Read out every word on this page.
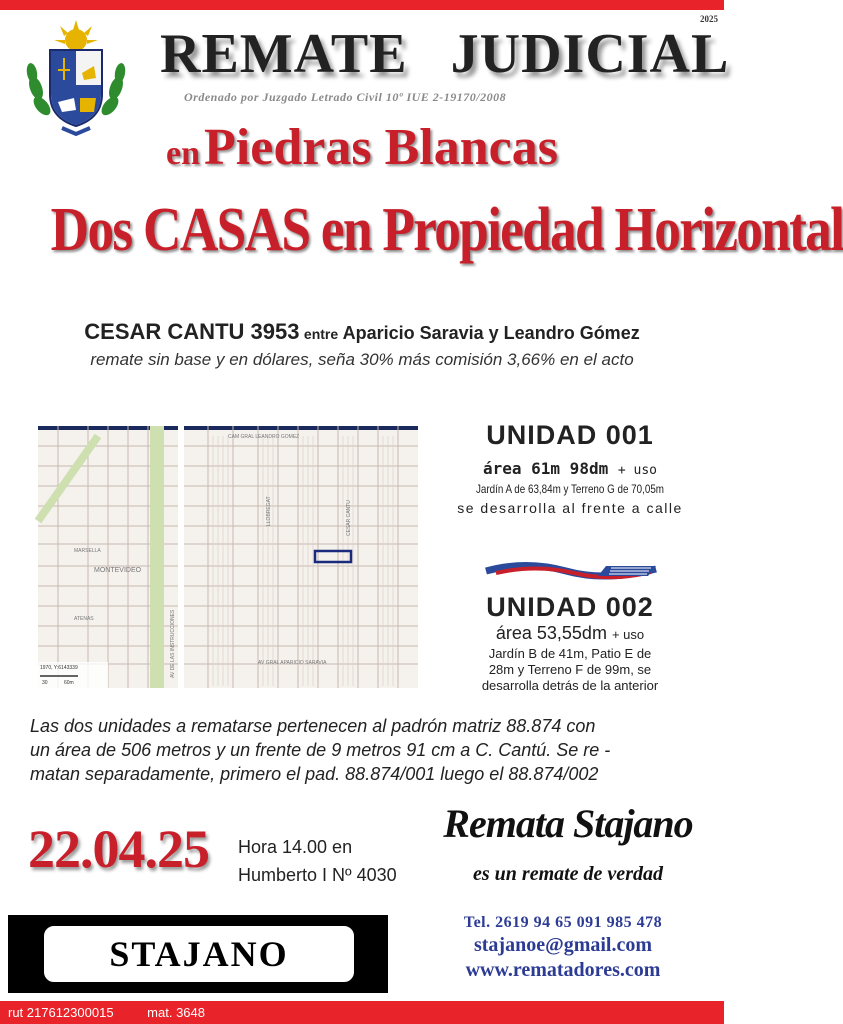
2025
REMATE JUDICIAL
Ordenado por Juzgado Letrado Civil 10º IUE 2-19170/2008
en Piedras Blancas
Dos CASAS en Propiedad Horizontal
CESAR CANTU 3953 entre Aparicio Saravia y Leandro Gómez
remate sin base y en dólares, seña 30% más comisión 3,66% en el acto
CAM GRAL LEANDRO GOMEZ
MARSELLA
MONTEVIDEO
ATENAS	AV DE LAS INSTRUCCIONES
CESAR CANTU
AV GRAL APARICIO SARAVIA
LLOBREGAT
1970, Y:6143339
30	60m
UNIDAD 001
área 61m 98dm + uso
Jardín A de 63,84m y Terreno G de 70,05m
se desarrolla al frente a calle
UNIDAD 002
área 53,55dm + uso
Jardín B de 41m, Patio E de
28m y Terreno F de 99m, se
desarrolla detrás de la anterior
Las dos unidades a rematarse pertenecen al padrón matriz 88.874 con
un área de 506 metros y un frente de 9 metros 91 cm a C. Cantú. Se re -
matan separadamente, primero el pad. 88.874/001 luego el 88.874/002
22.04.25 Hora 14.00 en
Humberto I Nº 4030
Remata Stajano
es un remate de verdad
STAJANO
Tel. 2619 94 65 091 985 478
stajanoe@gmail.com
www.rematadores.com
rut 217612300015	mat. 3648
